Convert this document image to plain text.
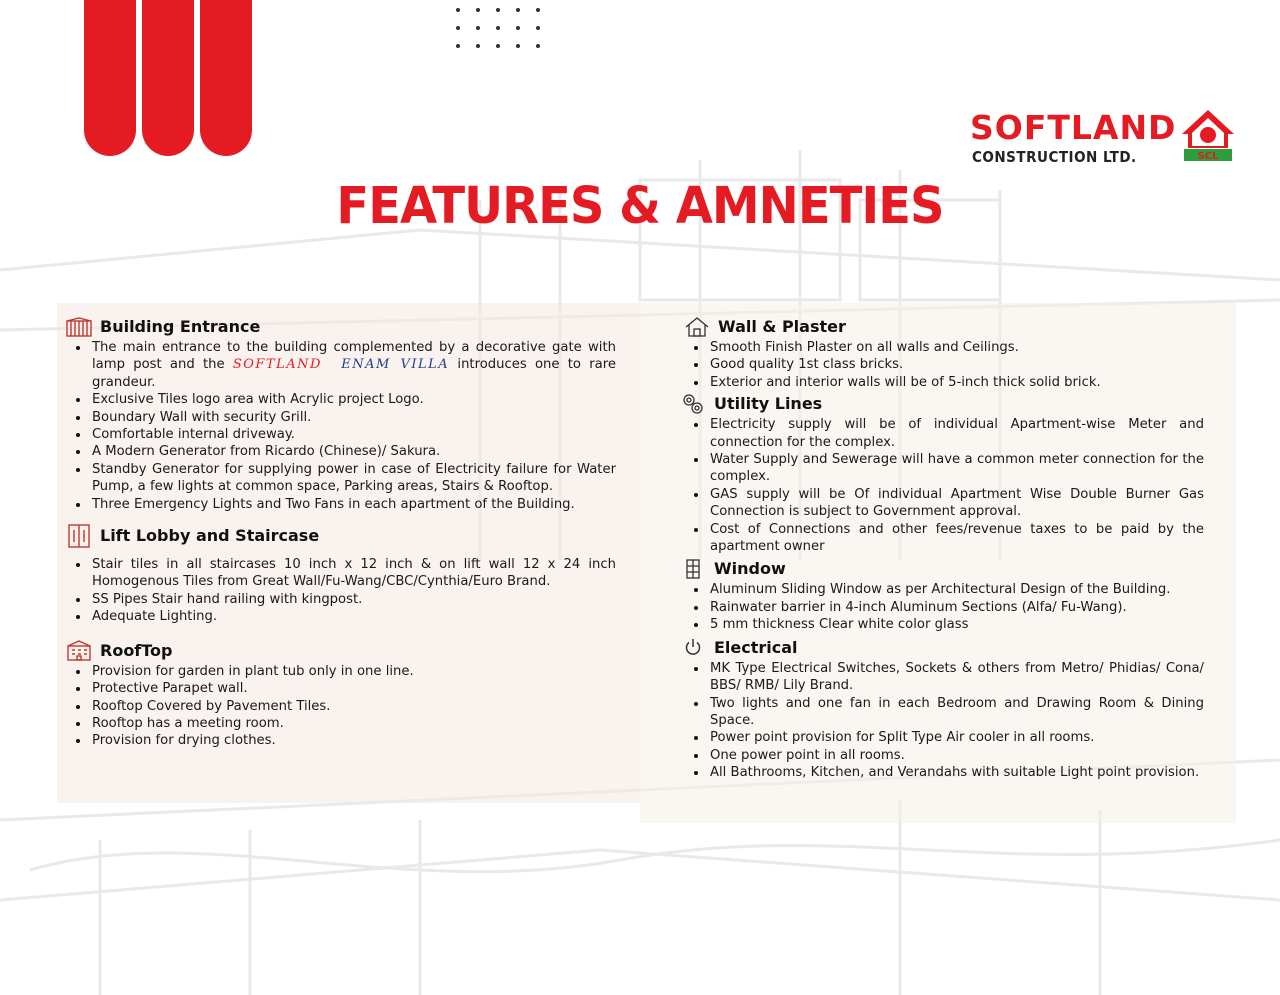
SOFTLAND
CONSTRUCTION LTD.	SCL
FEATURES & AMNETIES
Building Entrance
The main entrance to the building complemented by a decorative gate with lamp post and the SOFTLAND ENAM VILLA introduces one to rare grandeur.
Exclusive Tiles logo area with Acrylic project Logo.
Boundary Wall with security Grill.
Comfortable internal driveway.
A Modern Generator from Ricardo (Chinese)/ Sakura.
Standby Generator for supplying power in case of Electricity failure for Water Pump, a few lights at common space, Parking areas, Stairs & Rooftop.
Three Emergency Lights and Two Fans in each apartment of the Building.
Lift Lobby and Staircase
Stair tiles in all staircases 10 inch x 12 inch & on lift wall 12 x 24 inch Homogenous Tiles from Great Wall/Fu-Wang/CBC/Cynthia/Euro Brand.
SS Pipes Stair hand railing with kingpost.
Adequate Lighting.
RoofTop
Provision for garden in plant tub only in one line.
Protective Parapet wall.
Rooftop Covered by Pavement Tiles.
Rooftop has a meeting room.
Provision for drying clothes.
Wall & Plaster
Smooth Finish Plaster on all walls and Ceilings.
Good quality 1st class bricks.
Exterior and interior walls will be of 5-inch thick solid brick.
Utility Lines
Electricity supply will be of individual Apartment-wise Meter and connection for the complex.
Water Supply and Sewerage will have a common meter connection for the complex.
GAS supply will be Of individual Apartment Wise Double Burner Gas Connection is subject to Government approval.
Cost of Connections and other fees/revenue taxes to be paid by the apartment owner
Window
Aluminum Sliding Window as per Architectural Design of the Building.
Rainwater barrier in 4-inch Aluminum Sections (Alfa/ Fu-Wang).
5 mm thickness Clear white color glass
Electrical
MK Type Electrical Switches, Sockets & others from Metro/ Phidias/ Cona/ BBS/ RMB/ Lily Brand.
Two lights and one fan in each Bedroom and Drawing Room & Dining Space.
Power point provision for Split Type Air cooler in all rooms.
One power point in all rooms.
All Bathrooms, Kitchen, and Verandahs with suitable Light point provision.
